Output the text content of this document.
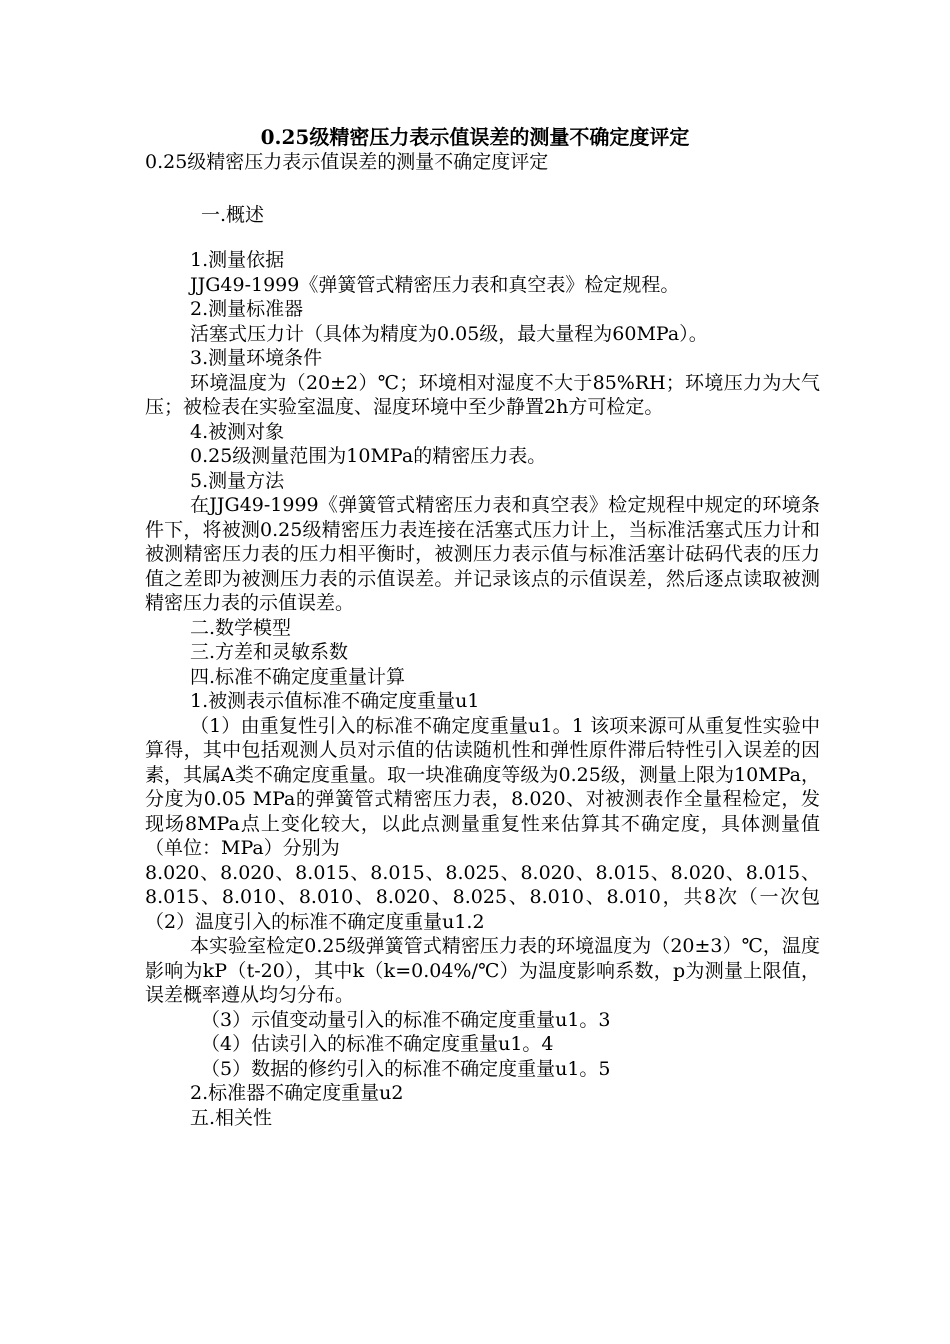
0.25级精密压力表示值误差的测量不确定度评定

0.25级精密压力表示值误差的测量不确定度评定

一.概述

1.测量依据

JJG49-1999《弹簧管式精密压力表和真空表》检定规程。

2.测量标准器

活塞式压力计（具体为精度为0.05级，最大量程为60MPa）。

3.测量环境条件

环境温度为（20±2）℃；环境相对湿度不大于85%RH；环境压力为大气压；被检表在实验室温度、湿度环境中至少静置2h方可检定。

4.被测对象

0.25级测量范围为10MPa的精密压力表。

5.测量方法

在JJG49-1999《弹簧管式精密压力表和真空表》检定规程中规定的环境条件下，将被测0.25级精密压力表连接在活塞式压力计上，当标准活塞式压力计和被测精密压力表的压力相平衡时，被测压力表示值与标准活塞计砝码代表的压力值之差即为被测压力表的示值误差。并记录该点的示值误差，然后逐点读取被测精密压力表的示值误差。

二.数学模型

三.方差和灵敏系数

四.标准不确定度重量计算

1.被测表示值标准不确定度重量u1

（1）由重复性引入的标准不确定度重量u1。1 该项来源可从重复性实验中算得，其中包括观测人员对示值的估读随机性和弹性原件滞后特性引入误差的因素，其属A类不确定度重量。取一块准确度等级为0.25级，测量上限为10MPa，分度为0.05 MPa的弹簧管式精密压力表，8.020、对被测表作全量程检定，发现场8MPa点上变化较大，以此点测量重复性来估算其不确定度，具体测量值（单位：MPa）分别为

8.020、8.020、8.015、8.015、8.025、8.020、8.015、8.020、8.015、8.015、8.010、8.010、8.020、8.025、8.010、8.010，共8次（一次包（2）温度引入的标准不确定度重量u1.2

本实验室检定0.25级弹簧管式精密压力表的环境温度为（20±3）℃，温度影响为kP（t-20），其中k（k=0.04%/℃）为温度影响系数，p为测量上限值，误差概率遵从均匀分布。

（3）示值变动量引入的标准不确定度重量u1。3

（4）估读引入的标准不确定度重量u1。4

（5）数据的修约引入的标准不确定度重量u1。5

2.标准器不确定度重量u2

五.相关性
